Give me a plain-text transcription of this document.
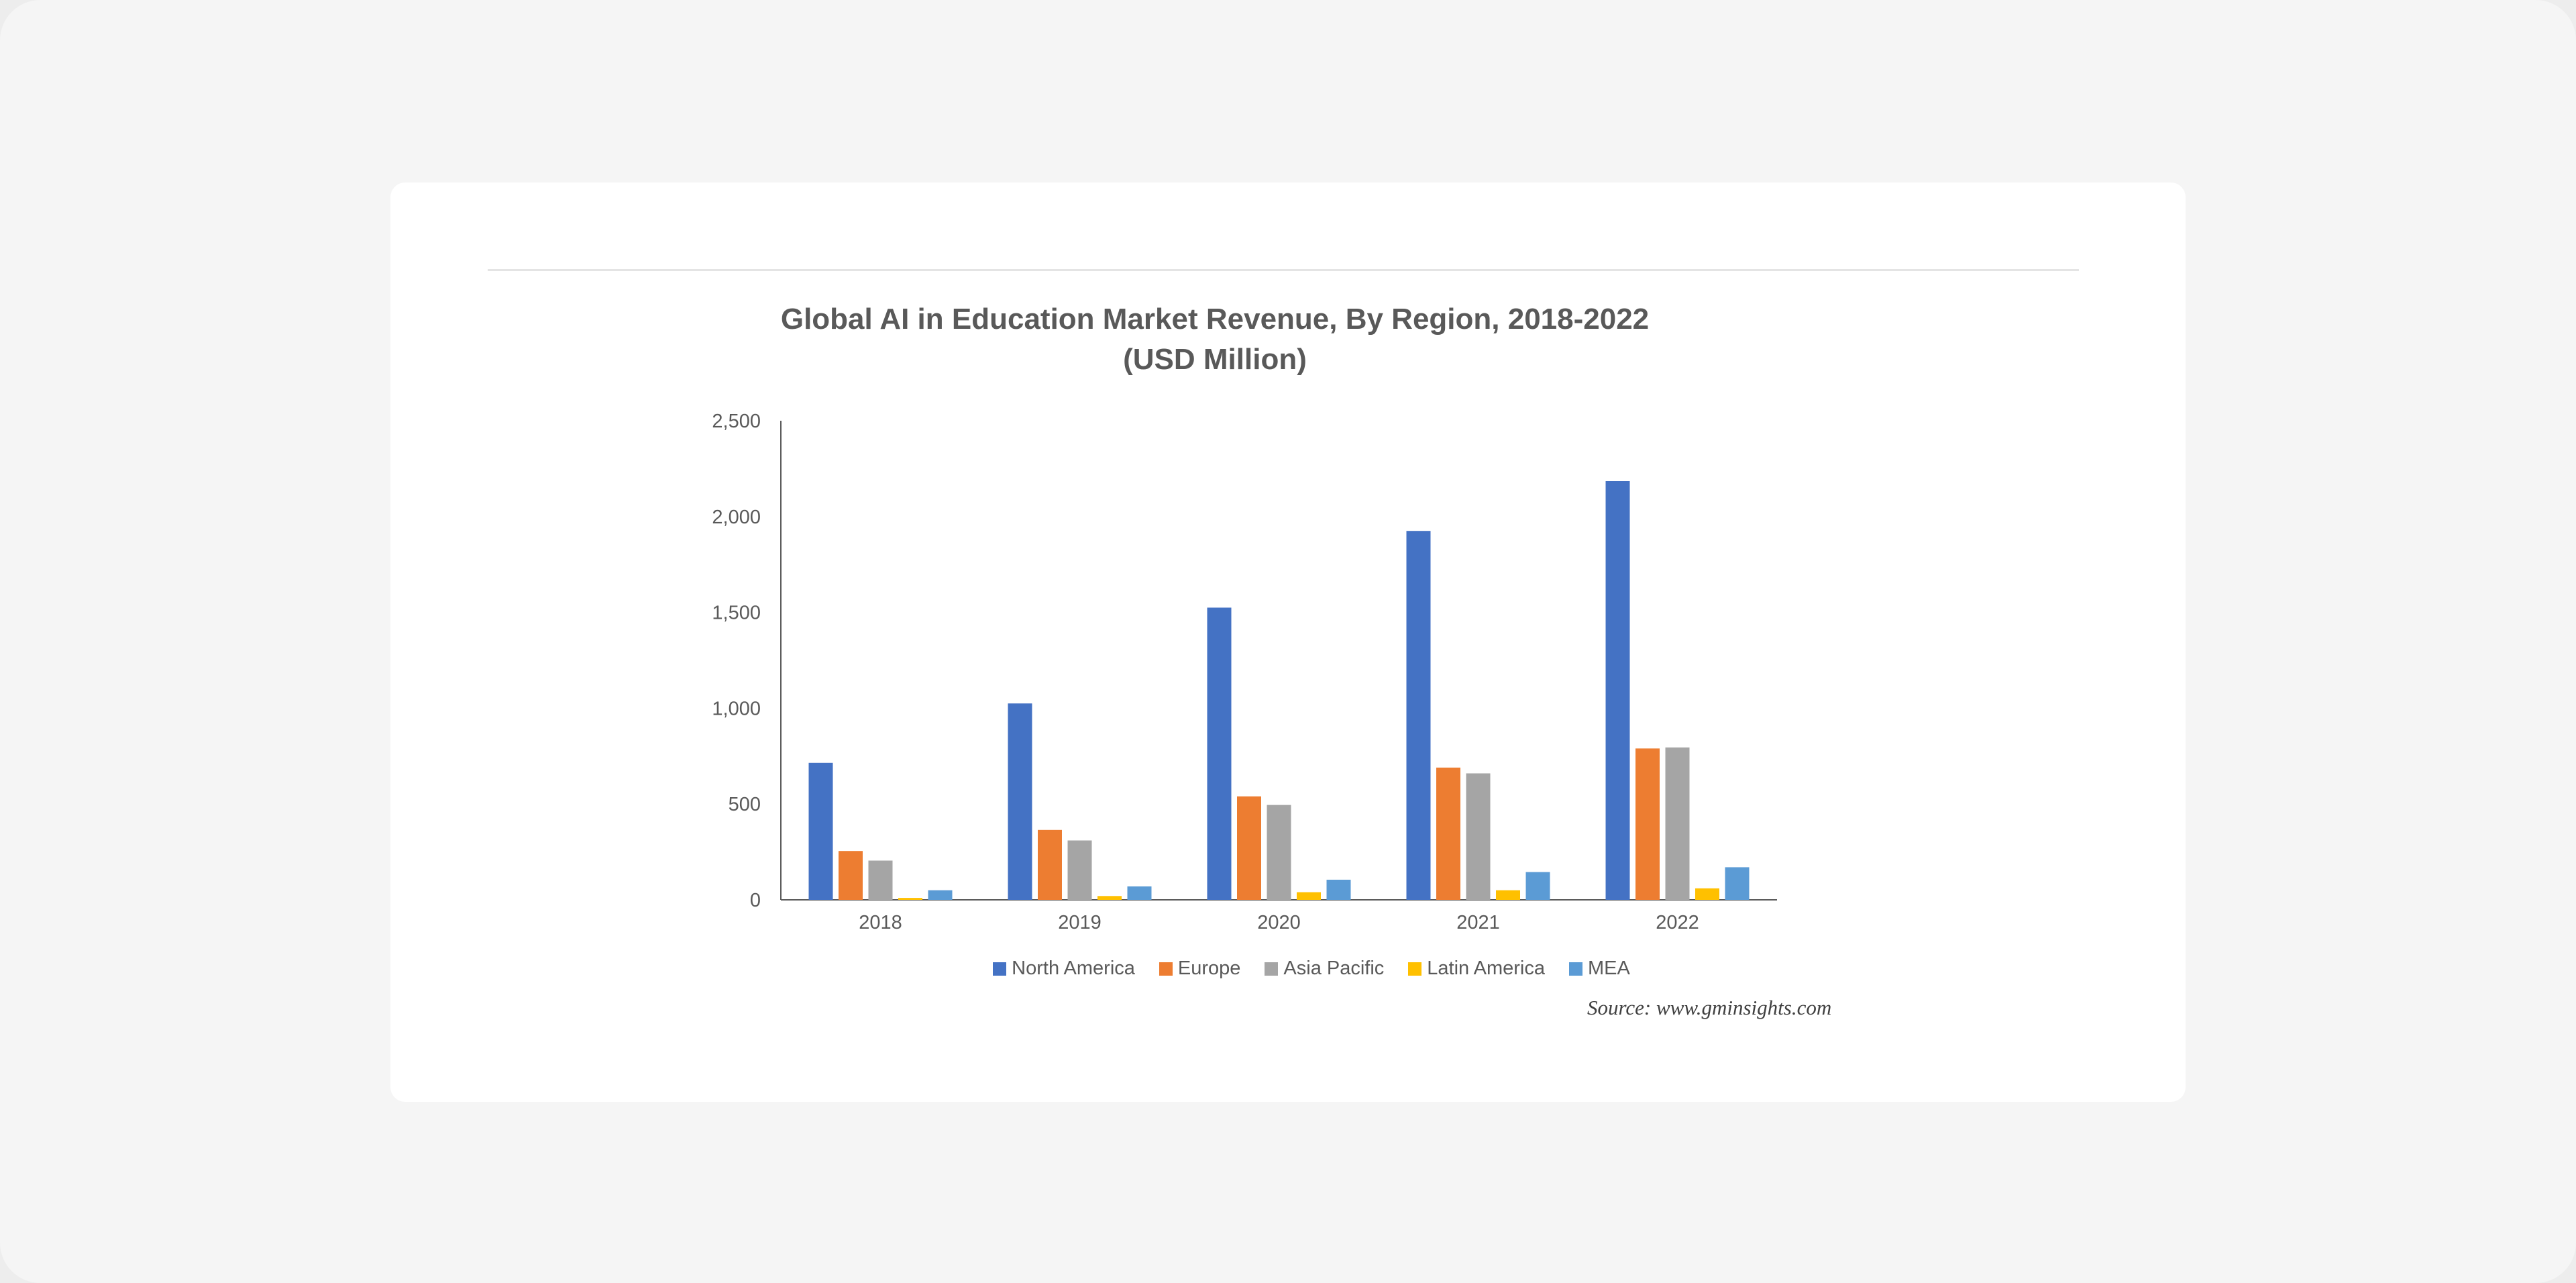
Global AI in Education Market Revenue, By Region, 2018-2022
(USD Million)
0
500
1,000
1,500
2,000
2,500
2018	2019	2020	2021	2022
North America Europe Asia Pacific Latin America MEA
Source: www.gminsights.com
